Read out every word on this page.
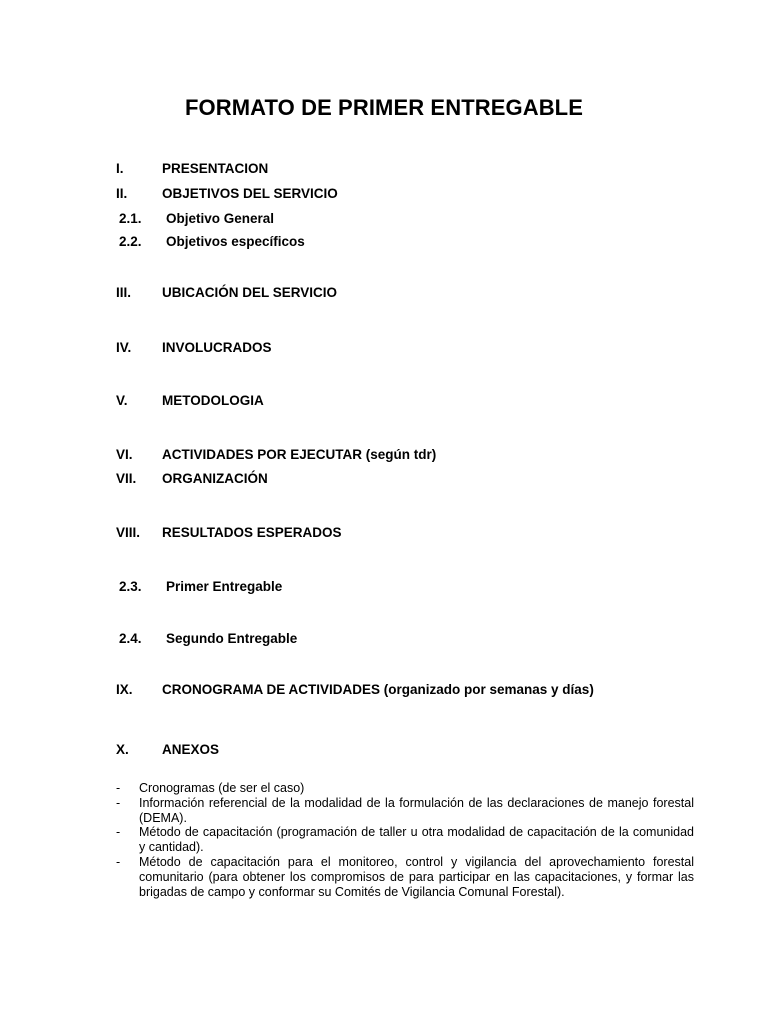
FORMATO DE PRIMER ENTREGABLE
I.	PRESENTACION
II.	OBJETIVOS DEL SERVICIO
2.1. Objetivo General
2.2. Objetivos específicos
III. UBICACIÓN DEL SERVICIO
IV. INVOLUCRADOS
V.	METODOLOGIA
VI. ACTIVIDADES POR EJECUTAR (según tdr)
VII. ORGANIZACIÓN
VIII. RESULTADOS ESPERADOS
2.3. Primer Entregable
2.4. Segundo Entregable
IX. CRONOGRAMA DE ACTIVIDADES (organizado por semanas y días)
X. ANEXOS
- Cronogramas (de ser el caso)
- Información referencial de la modalidad de la formulación de las declaraciones de manejo forestal (DEMA).
- Método de capacitación (programación de taller u otra modalidad de capacitación de la comunidad y cantidad).
- Método de capacitación para el monitoreo, control y vigilancia del aprovechamiento forestal comunitario (para obtener los compromisos de para participar en las capacitaciones, y formar las brigadas de campo y conformar su Comités de Vigilancia Comunal Forestal).
